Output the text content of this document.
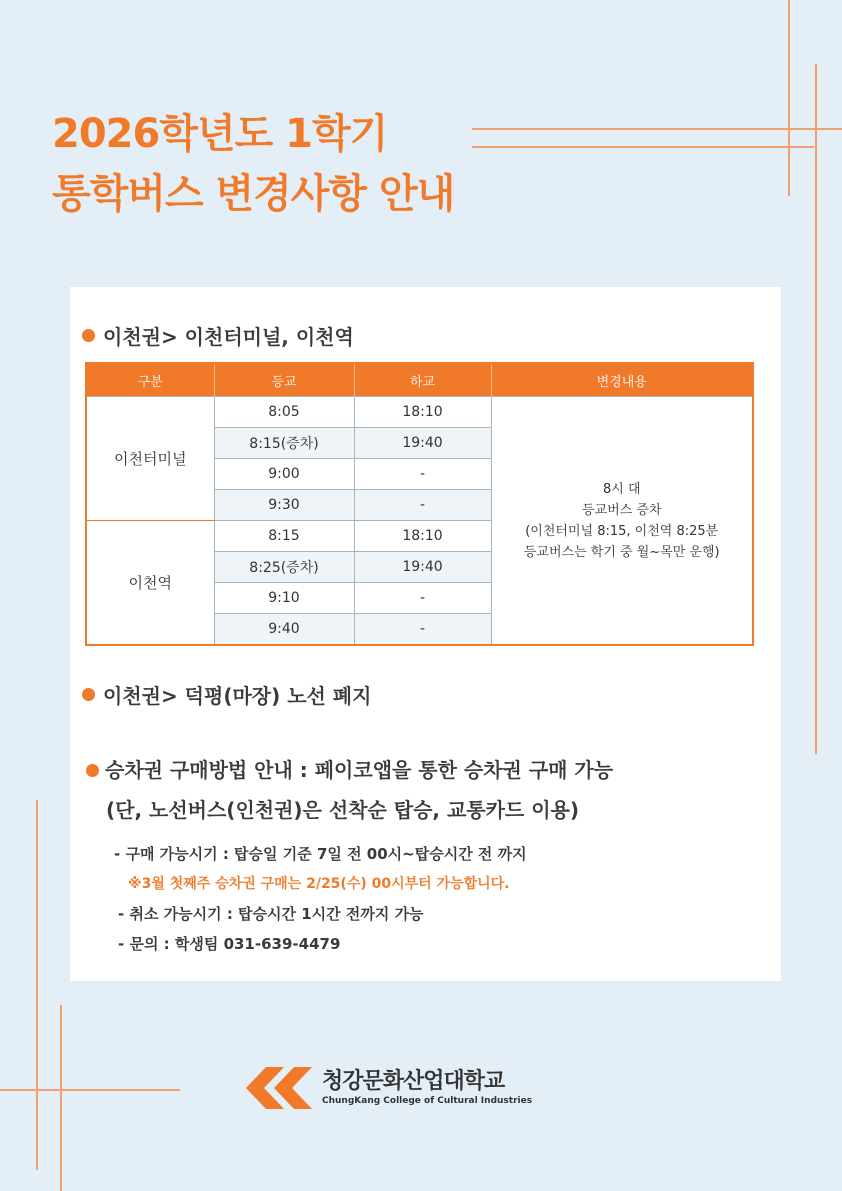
2026학년도 1학기
통학버스 변경사항 안내
이천권> 이천터미널, 이천역
구분	등교	하교	변경내용
이천터미널	8:05	18:10	8시 대
등교버스 증차
(이천터미널 8:15, 이천역 8:25분
등교버스는 학기 중 월~목만 운행)

	8:15(증차)	19:40	
	9:00	-	
	9:30	-	
이천역	8:15	18:10	
	8:25(증차)	19:40	
	9:10	-	
	9:40	-	
이천권> 덕평(마장) 노선 폐지
승차권 구매방법 안내 : 페이코앱을 통한 승차권 구매 가능
(단, 노선버스(인천권)은 선착순 탑승, 교통카드 이용)
- 구매 가능시기 : 탑승일 기준 7일 전 00시~탑승시간 전 까지
※3월 첫째주 승차권 구매는 2/25(수) 00시부터 가능합니다.
- 취소 가능시기 : 탑승시간 1시간 전까지 가능
- 문의 : 학생팀 031-639-4479
청강문화산업대학교
ChungKang College of Cultural Industries
